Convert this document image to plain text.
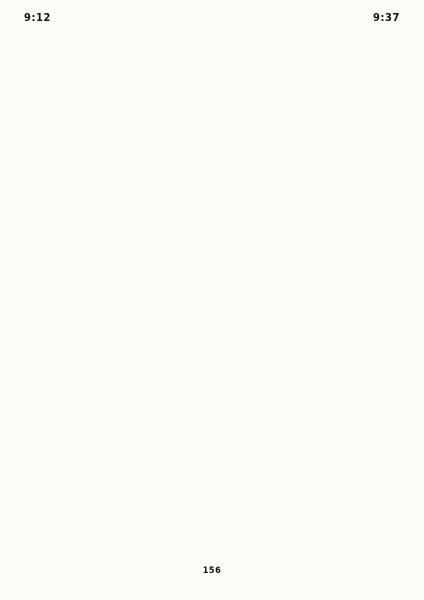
9:12	9:37

156
